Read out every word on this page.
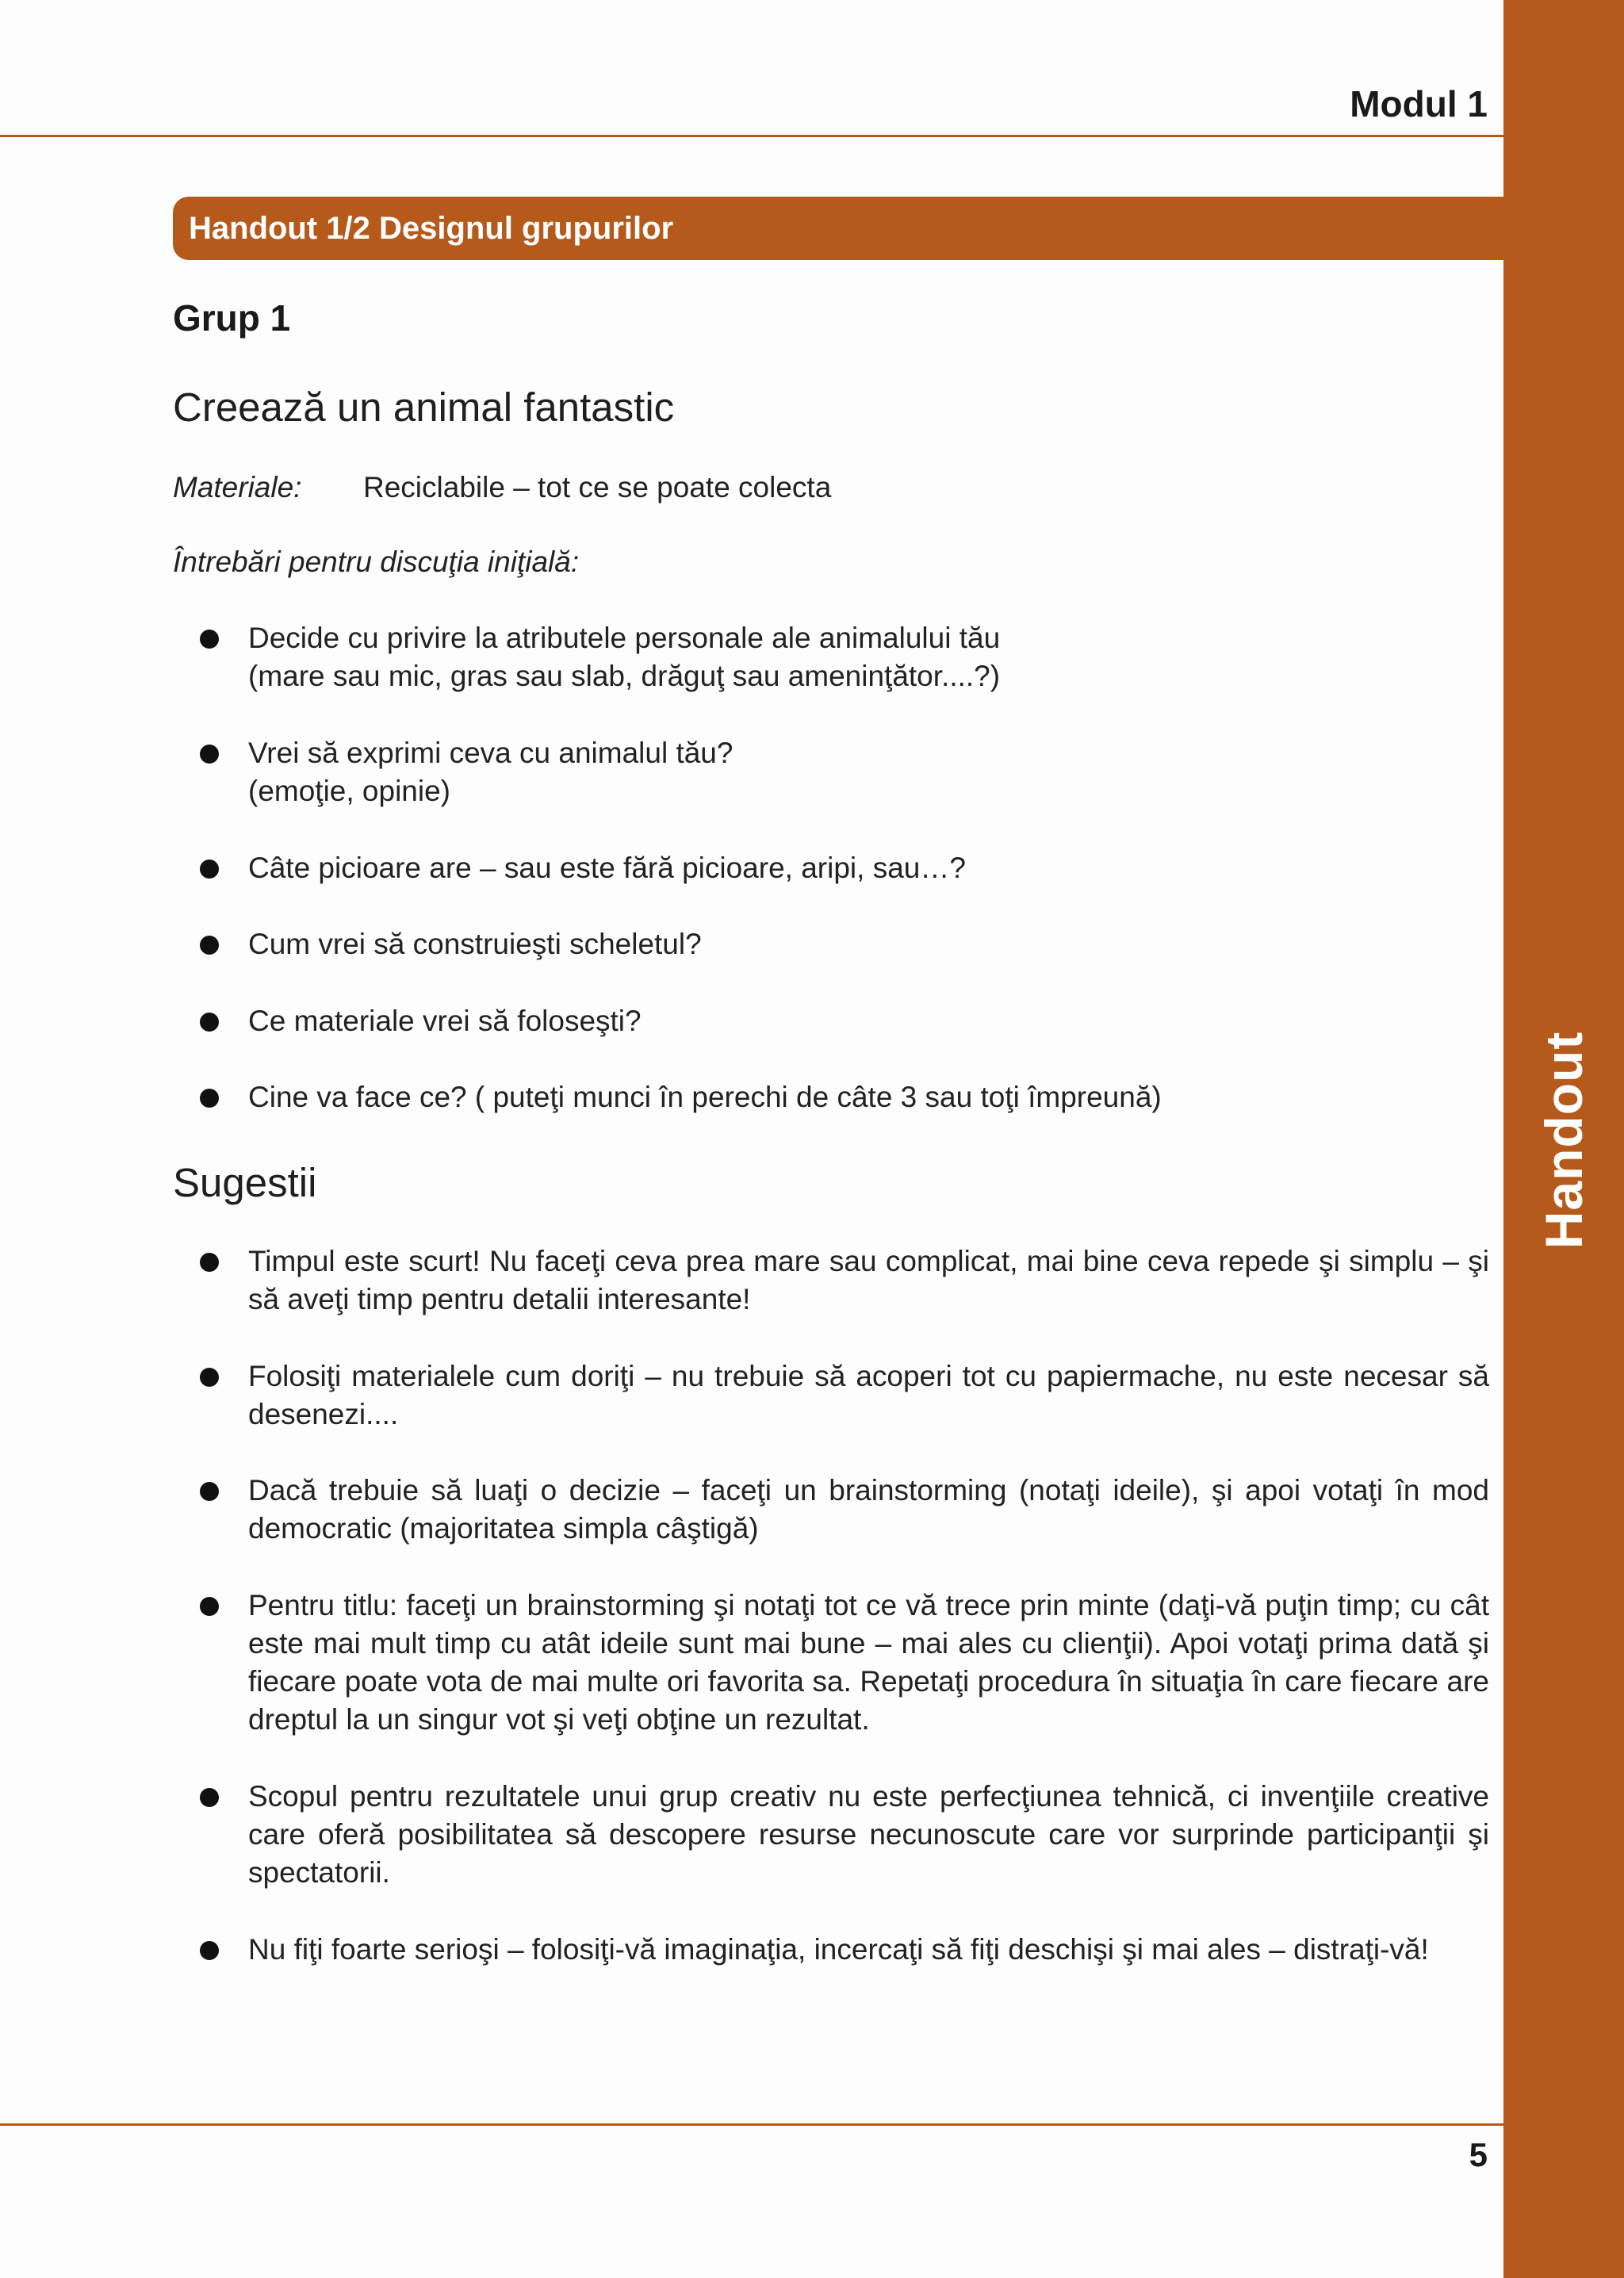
Handout
Modul 1
Handout 1/2 Designul grupurilor
Grup 1
Creează un animal fantastic
Materiale: Reciclabile – tot ce se poate colecta
Întrebări pentru discuţia iniţială:
Decide cu privire la atributele personale ale animalului tău
(mare sau mic, gras sau slab, drăguţ sau ameninţător....?)
Vrei să exprimi ceva cu animalul tău?
(emoţie, opinie)
Câte picioare are – sau este fără picioare, aripi, sau…?
Cum vrei să construieşti scheletul?
Ce materiale vrei să foloseşti?
Cine va face ce? ( puteţi munci în perechi de câte 3 sau toţi împreună)
Sugestii
Timpul este scurt! Nu faceţi ceva prea mare sau complicat, mai bine ceva repede şi simplu – şi să aveţi timp pentru detalii interesante!
Folosiţi materialele cum doriţi – nu trebuie să acoperi tot cu papiermache, nu este necesar să desenezi....
Dacă trebuie să luaţi o decizie – faceţi un brainstorming (notaţi ideile), şi apoi votaţi în mod democratic (majoritatea simpla câştigă)
Pentru titlu: faceţi un brainstorming şi notaţi tot ce vă trece prin minte (daţi-vă puţin timp; cu cât este mai mult timp cu atât ideile sunt mai bune – mai ales cu clienţii). Apoi votaţi prima dată şi fiecare poate vota de mai multe ori favorita sa. Repetaţi procedura în situaţia în care fiecare are dreptul la un singur vot şi veţi obţine un rezultat.
Scopul pentru rezultatele unui grup creativ nu este perfecţiunea tehnică, ci invenţiile creative care oferă posibilitatea să descopere resurse necunoscute care vor surprinde participanţii şi spectatorii.
Nu fiţi foarte serioşi – folosiţi-vă imaginaţia, incercaţi să fiţi deschişi şi mai ales – distraţi-vă!
5
